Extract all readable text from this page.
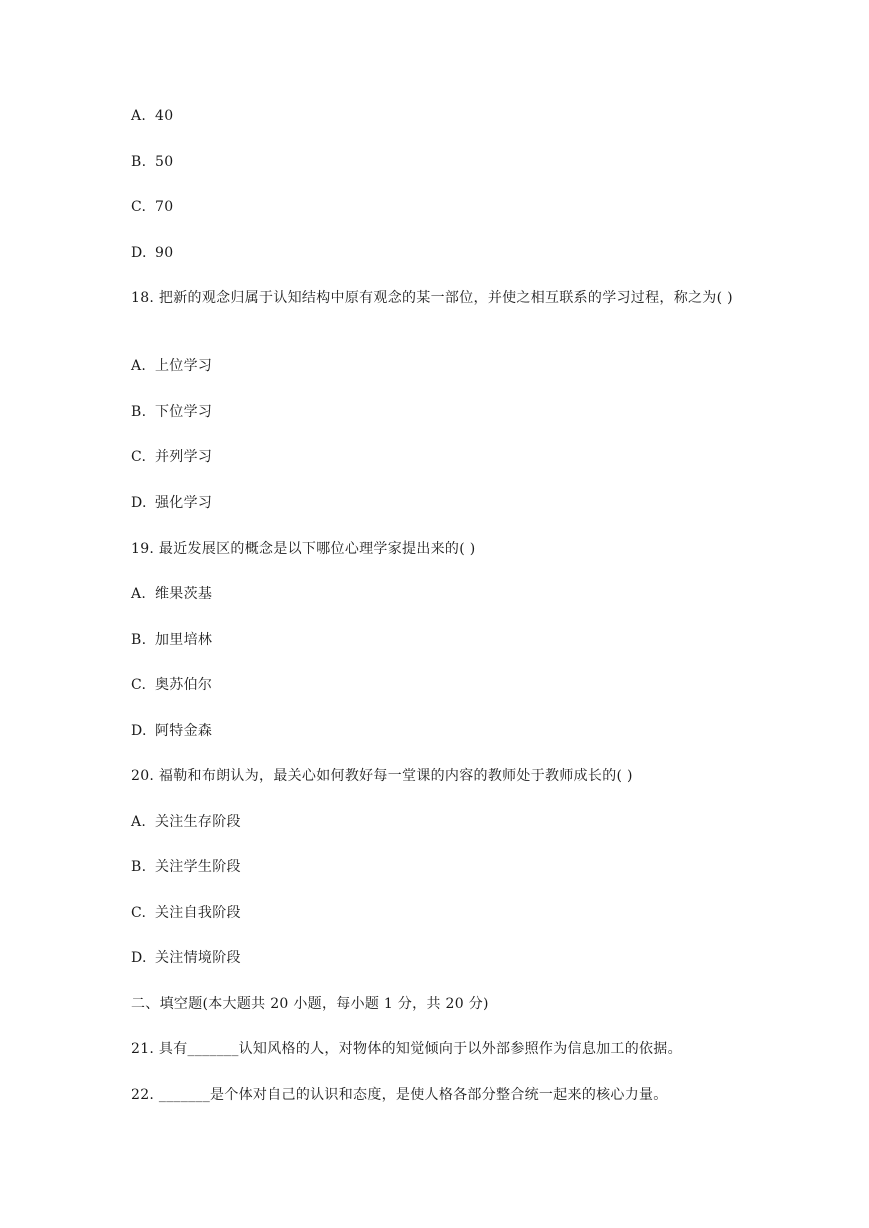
A. 40
B. 50
C. 70
D. 90
18. 把新的观念归属于认知结构中原有观念的某一部位，并使之相互联系的学习过程，称之为( )
A. 上位学习
B. 下位学习
C. 并列学习
D. 强化学习
19. 最近发展区的概念是以下哪位心理学家提出来的( )
A. 维果茨基
B. 加里培林
C. 奥苏伯尔
D. 阿特金森
20. 福勒和布朗认为，最关心如何教好每一堂课的内容的教师处于教师成长的( )
A. 关注生存阶段
B. 关注学生阶段
C. 关注自我阶段
D. 关注情境阶段
二、填空题(本大题共 20 小题，每小题 1 分，共 20 分)
21. 具有_______认知风格的人，对物体的知觉倾向于以外部参照作为信息加工的依据。
22. _______是个体对自己的认识和态度，是使人格各部分整合统一起来的核心力量。
